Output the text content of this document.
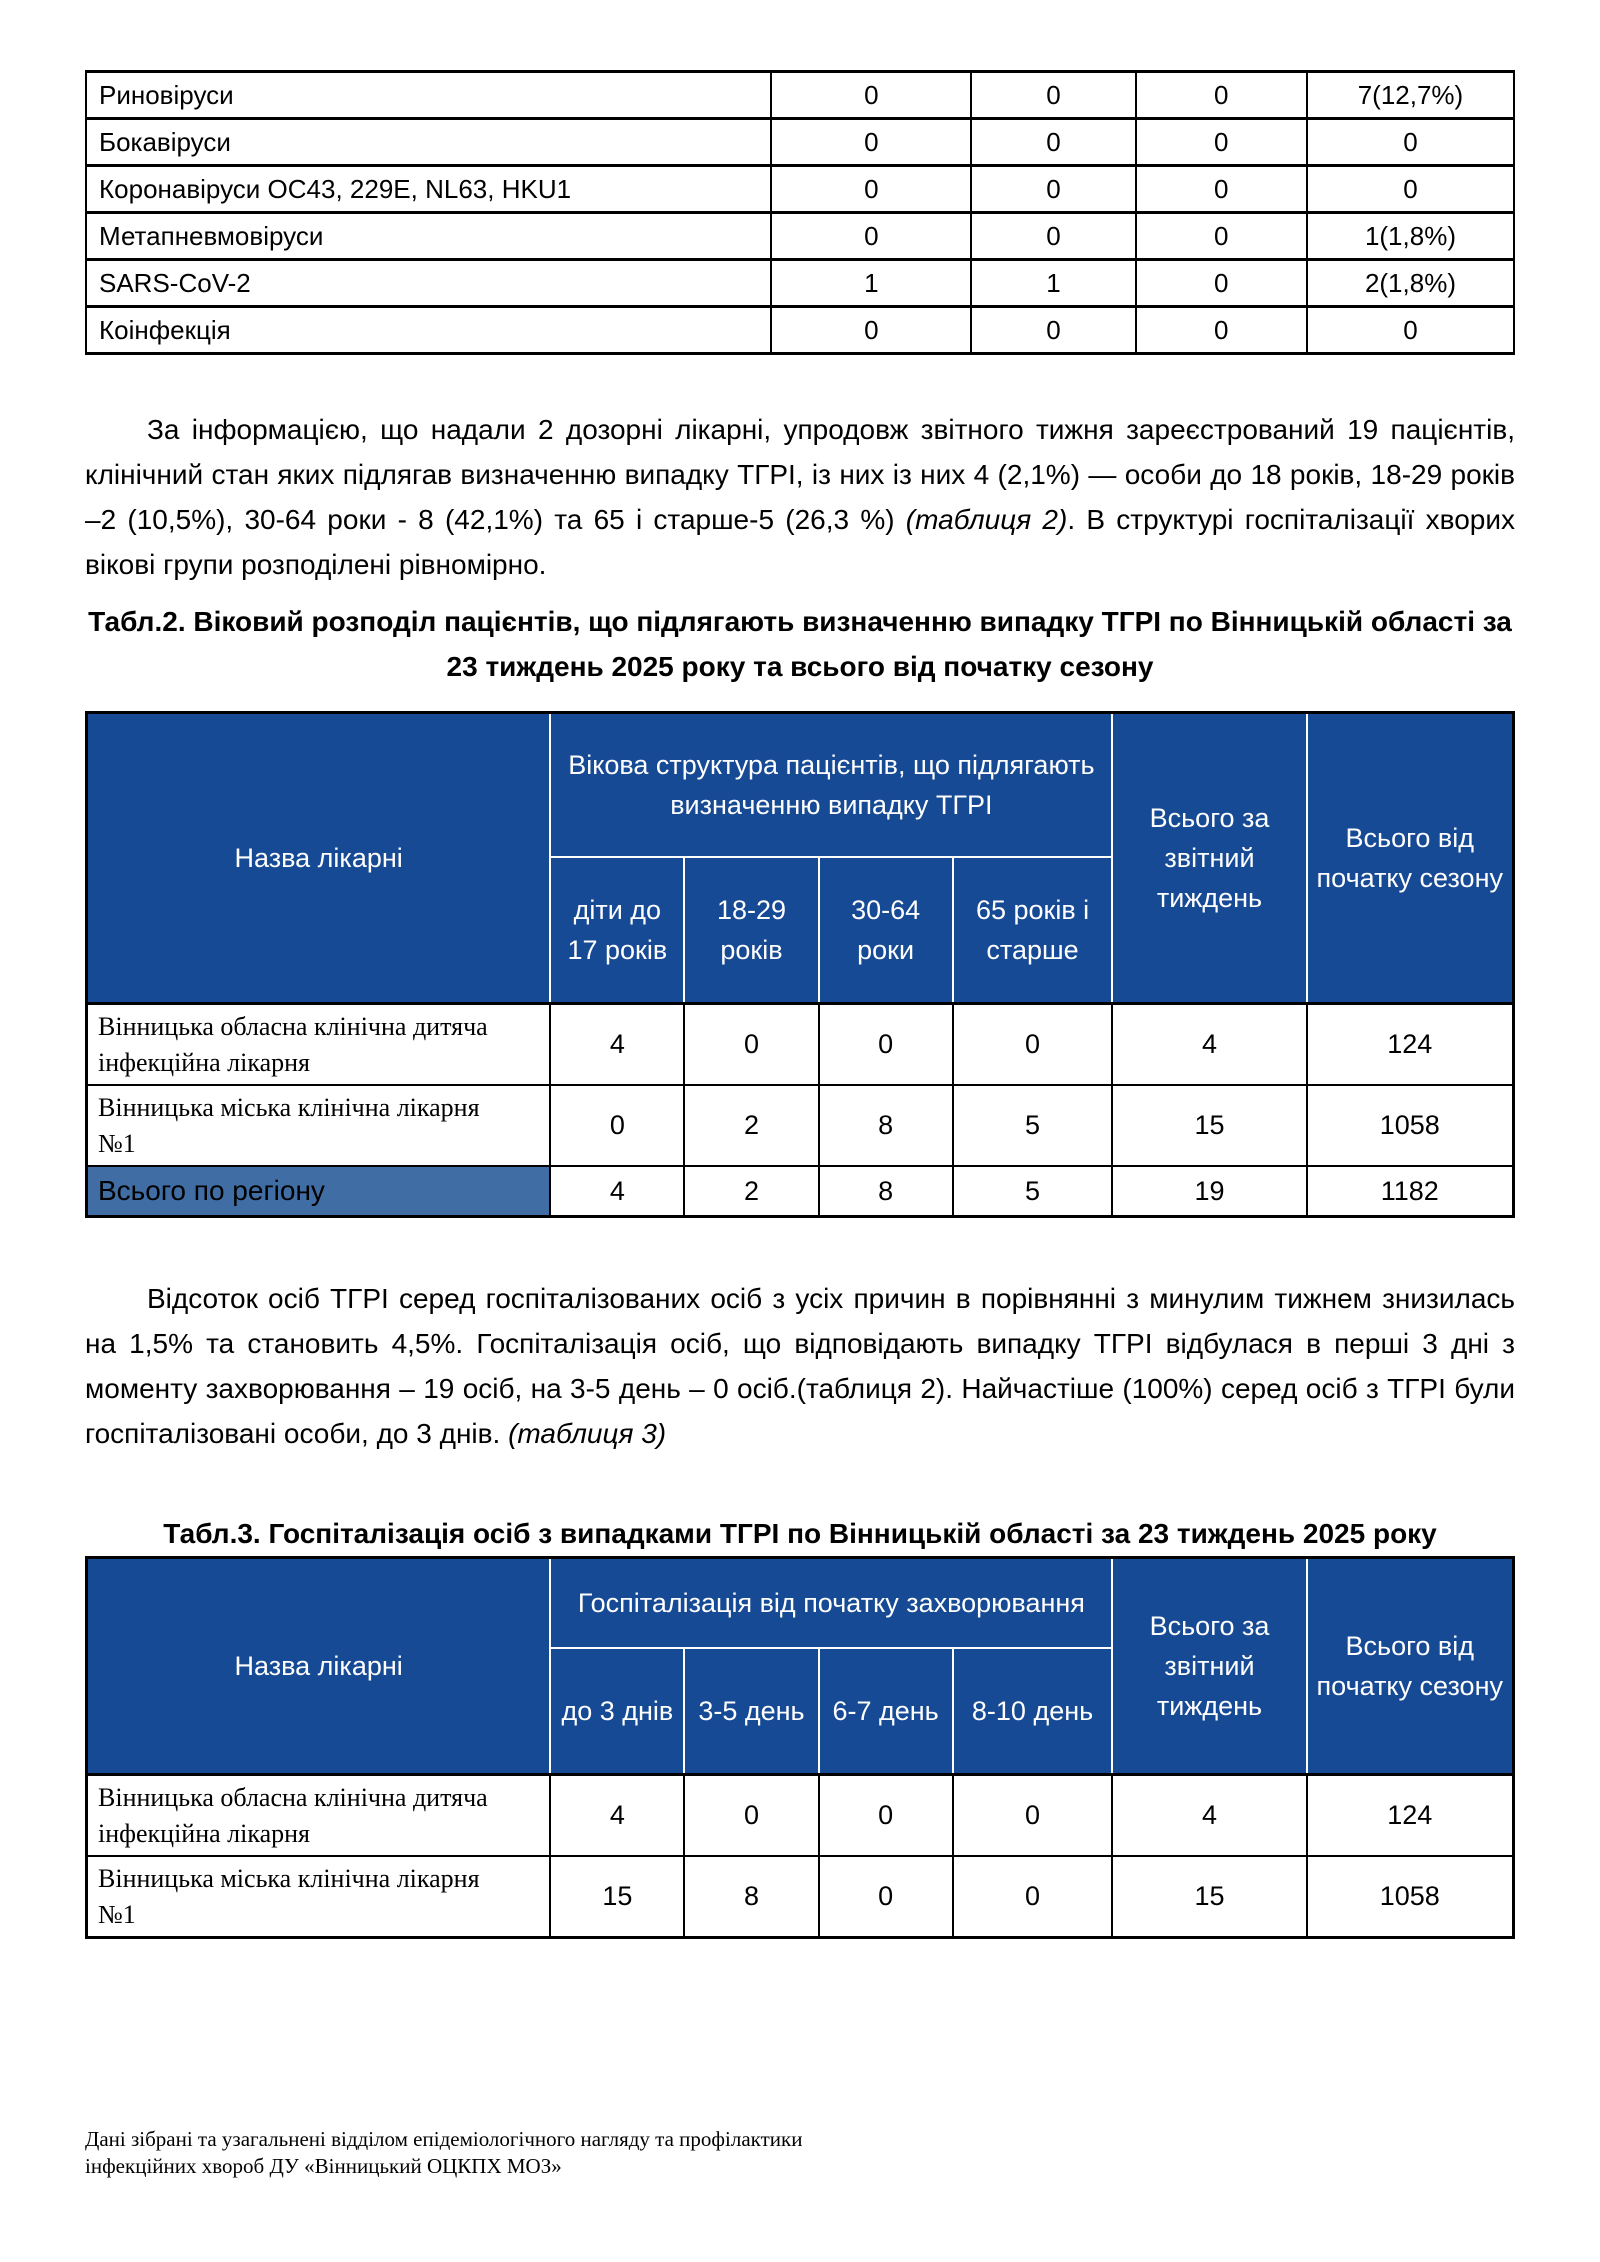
Риновіруси	0	0	0	7(12,7%)
Бокавіруси	0	0	0	0
Коронавіруси OC43, 229E, NL63, HKU1	0	0	0	0
Метапневмовіруси	0	0	0	1(1,8%)
SARS-CoV-2	1	1	0	2(1,8%)
Коінфекція	0	0	0	0

За інформацією, що надали 2 дозорні лікарні, упродовж звітного тижня зареєстрований 19 пацієнтів, клінічний стан яких підлягав визначенню випадку ТГРІ, із них із них 4 (2,1%) — особи до 18 років, 18-29 років –2 (10,5%), 30-64 роки - 8 (42,1%) та 65 і старше-5 (26,3 %) (таблиця 2). В структурі госпіталізації хворих вікові групи розподілені рівномірно.

Табл.2. Віковий розподіл пацієнтів, що підлягають визначенню випадку ТГРІ по Вінницькій області за 23 тиждень 2025 року та всього від початку сезону

Назва лікарні	Вікова структура пацієнтів, що підлягають визначенню випадку ТГРІ				Всього за звітний тиждень	Всього від початку сезону
	діти до 17 років	18-29 років	30-64 роки	65 років і старше		
Вінницька обласна клінічна дитяча інфекційна лікарня	4	0	0	0	4	124
Вінницька міська клінічна лікарня №1	0	2	8	5	15	1058
Всього по регіону	4	2	8	5	19	1182

Відсоток осіб ТГРІ серед госпіталізованих осіб з усіх причин в порівнянні з минулим тижнем знизилась на 1,5% та становить 4,5%. Госпіталізація осіб, що відповідають випадку ТГРІ відбулася в перші 3 дні з моменту захворювання – 19 осіб, на 3-5 день – 0 осіб.(таблиця 2). Найчастіше (100%) серед осіб з ТГРІ були госпіталізовані особи, до 3 днів. (таблиця 3)

Табл.3. Госпіталізація осіб з випадками ТГРІ по Вінницькій області за 23 тиждень 2025 року

Назва лікарні	Госпіталізація від початку захворювання				Всього за звітний тиждень	Всього від початку сезону
	до 3 днів	3-5 день	6-7 день	8-10 день		
Вінницька обласна клінічна дитяча інфекційна лікарня	4	0	0	0	4	124
Вінницька міська клінічна лікарня №1	15	8	0	0	15	1058
Дані зібрані та узагальнені відділом епідеміологічного нагляду та профілактики інфекційних хвороб ДУ «Вінницький ОЦКПХ МОЗ»
